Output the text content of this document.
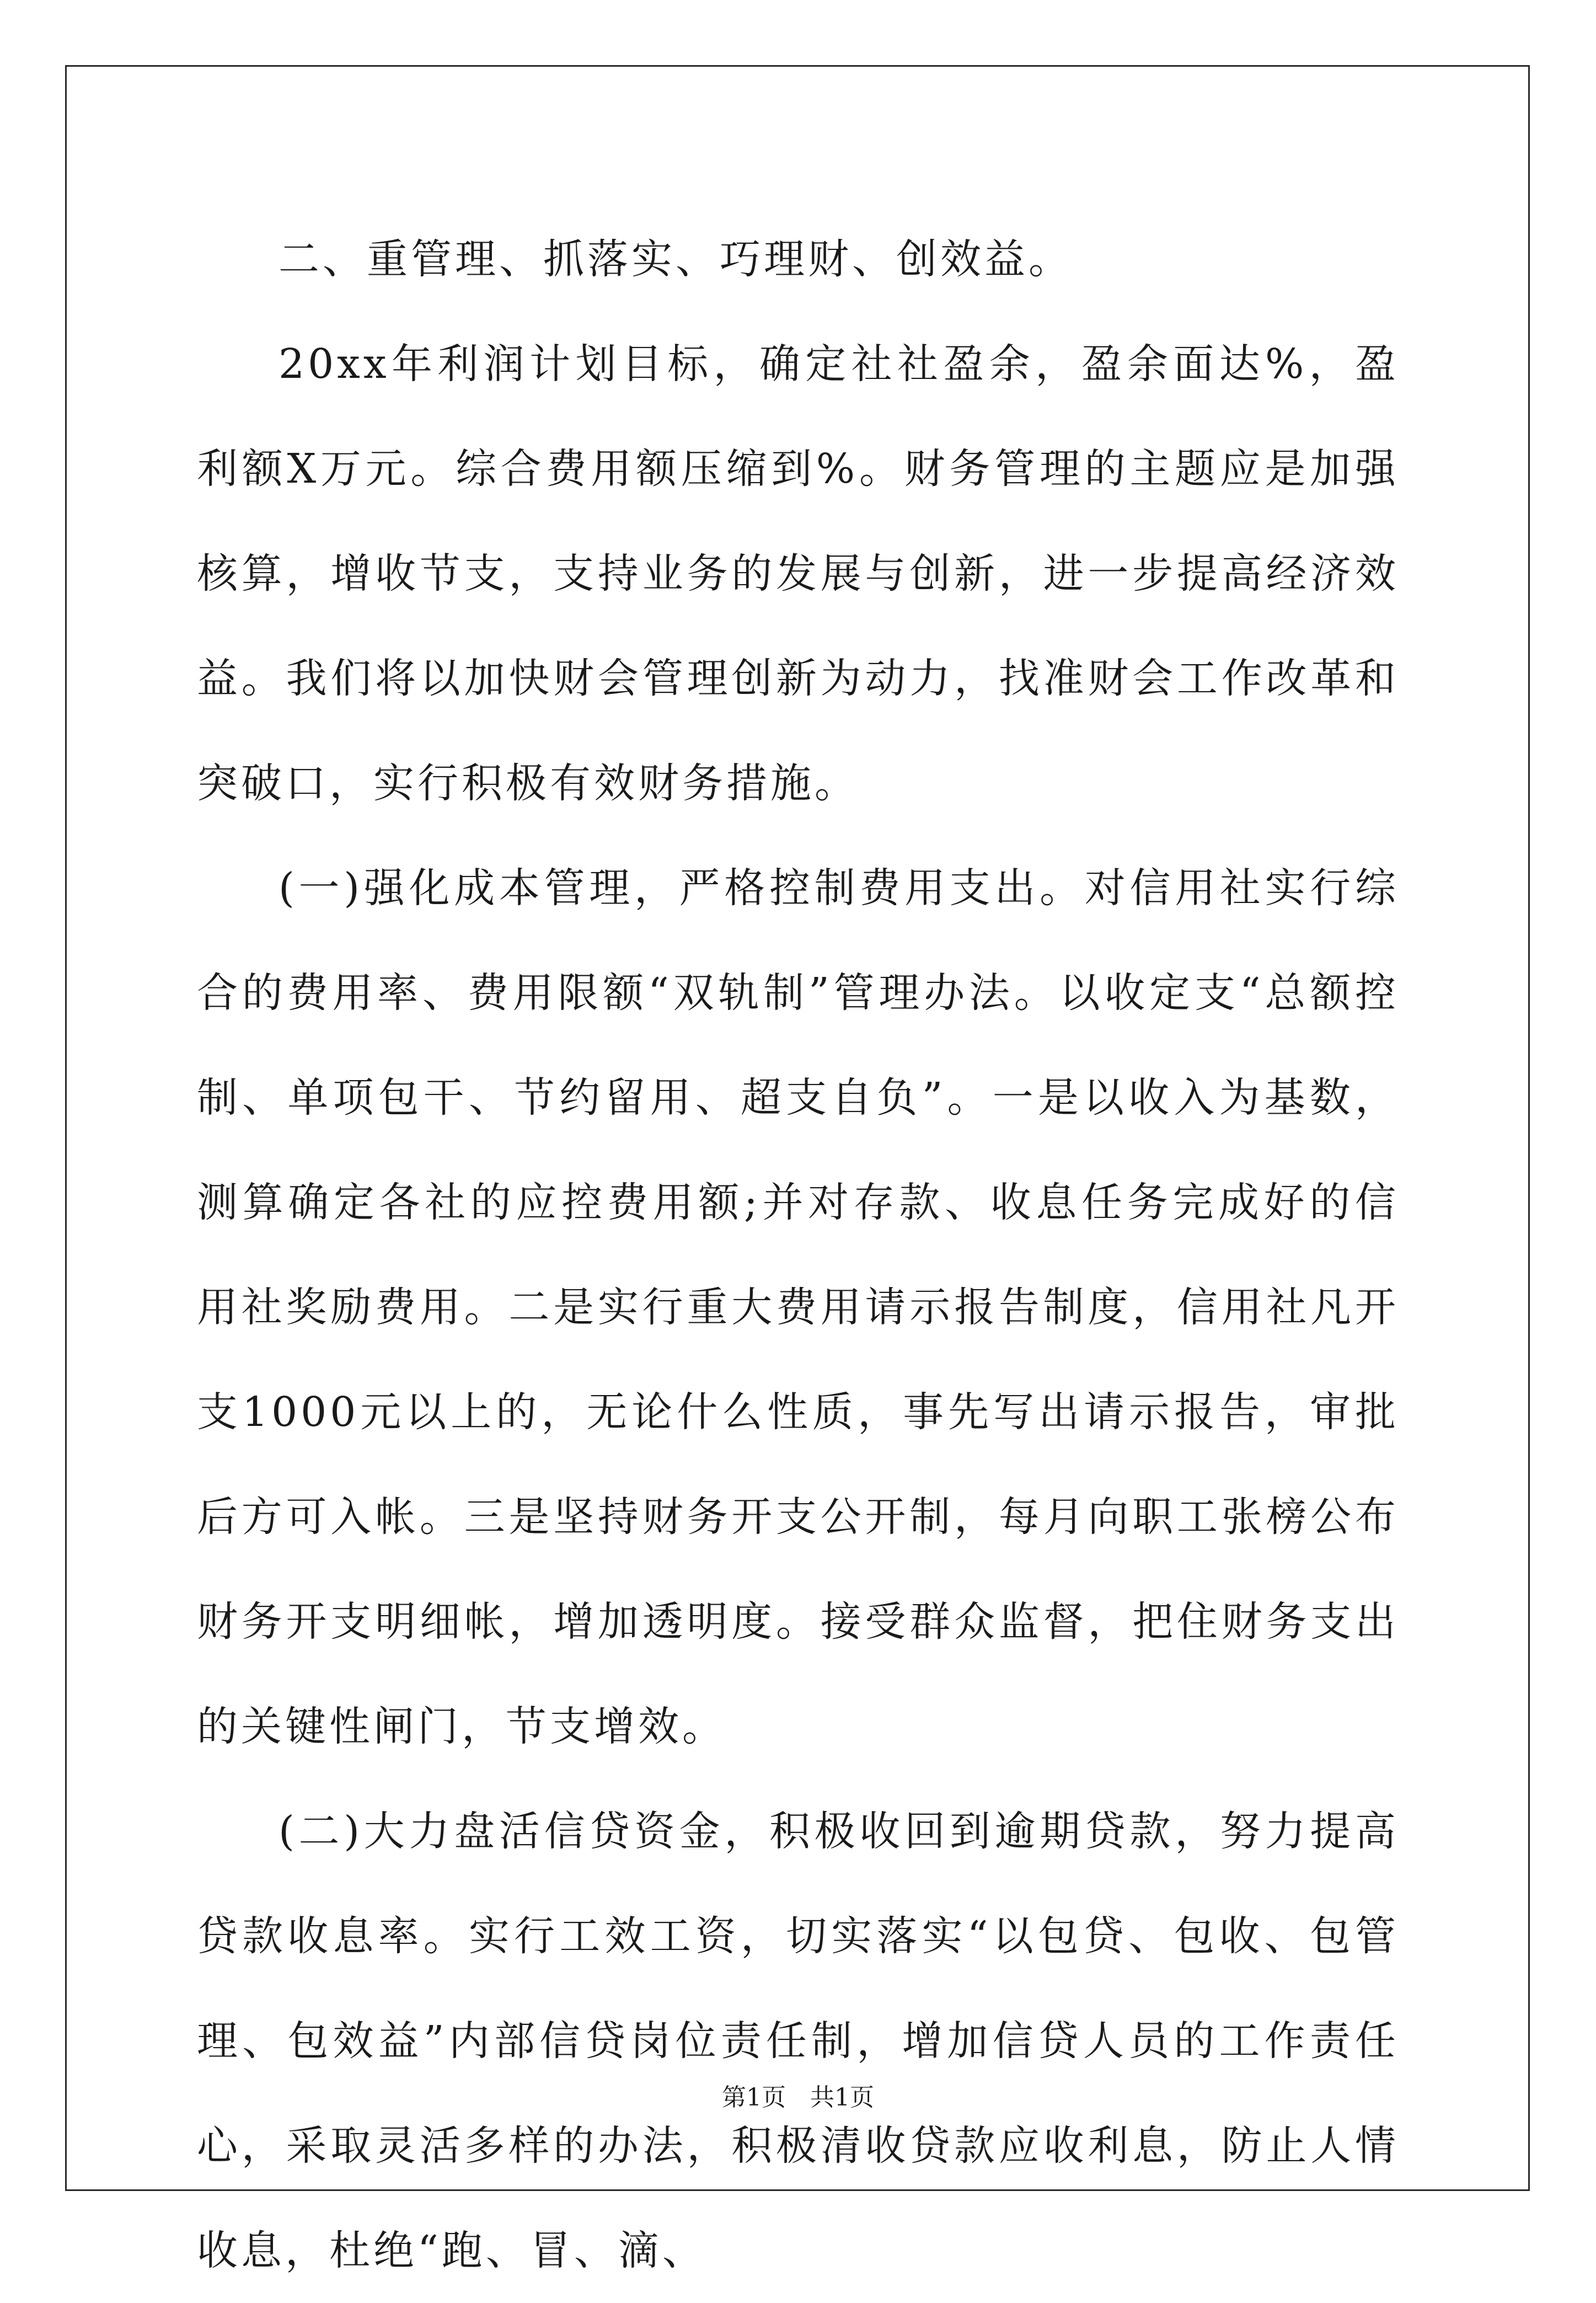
二、重管理、抓落实、巧理财、创效益。

20xx年利润计划目标，确定社社盈余，盈余面达%，盈利额X万元。综合费用额压缩到%。财务管理的主题应是加强核算，增收节支，支持业务的发展与创新，进一步提高经济效益。我们将以加快财会管理创新为动力，找准财会工作改革和突破口，实行积极有效财务措施。

(一)强化成本管理，严格控制费用支出。对信用社实行综合的费用率、费用限额“双轨制”管理办法。以收定支“总额控制、单项包干、节约留用、超支自负”。一是以收入为基数，测算确定各社的应控费用额;并对存款、收息任务完成好的信用社奖励费用。二是实行重大费用请示报告制度，信用社凡开支1000元以上的，无论什么性质，事先写出请示报告，审批后方可入帐。三是坚持财务开支公开制，每月向职工张榜公布财务开支明细帐，增加透明度。接受群众监督，把住财务支出的关键性闸门，节支增效。

(二)大力盘活信贷资金，积极收回到逾期贷款，努力提高贷款收息率。实行工效工资，切实落实“以包贷、包收、包管理、包效益”内部信贷岗位责任制，增加信贷人员的工作责任心，采取灵活多样的办法，积极清收贷款应收利息，防止人情收息，杜绝“跑、冒、滴、

第1页 共1页
